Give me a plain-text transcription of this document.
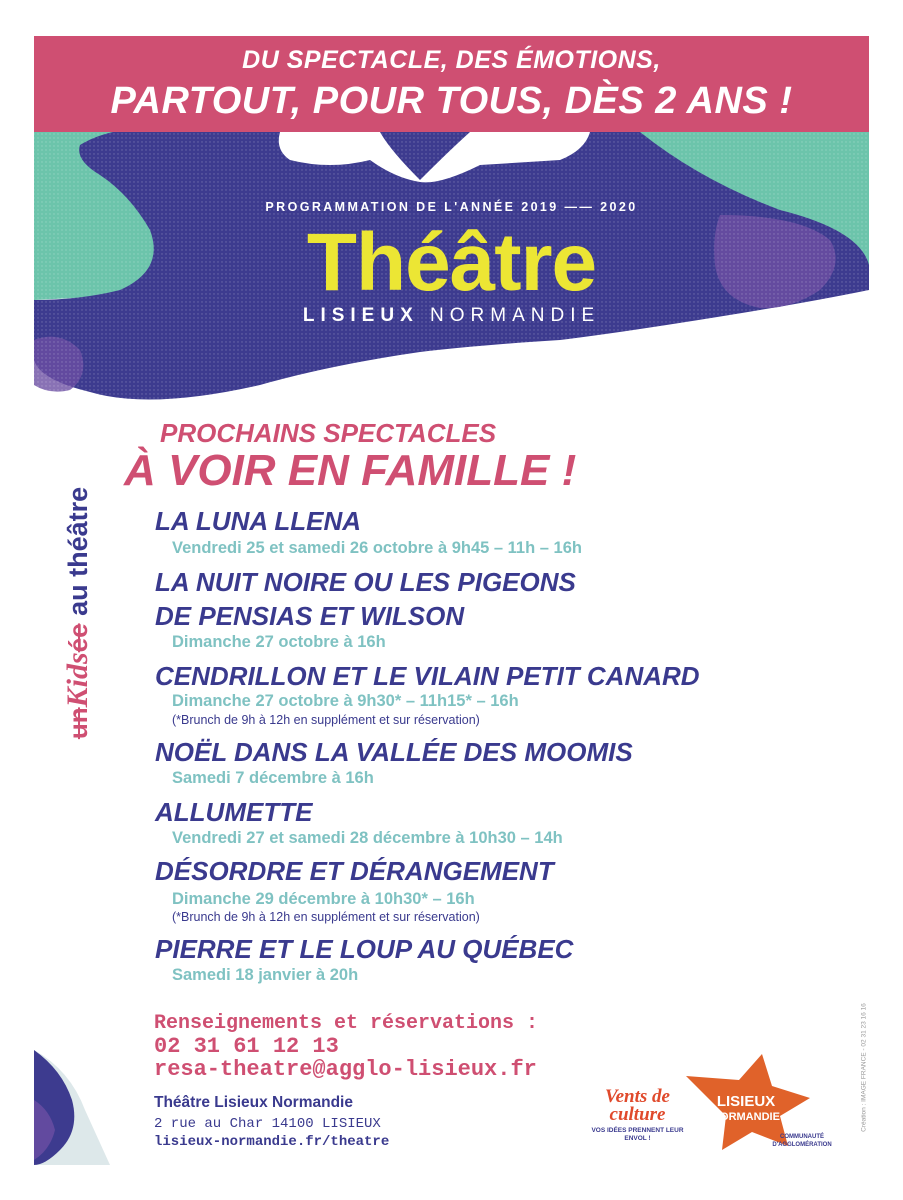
DU SPECTACLE, DES ÉMOTIONS,
PARTOUT, POUR TOUS, DÈS 2 ANS !
PROGRAMMATION DE L'ANNÉE 2019 —— 2020
Théâtre
LISIEUX NORMANDIE
unKidsée au théâtre
PROCHAINS SPECTACLES
À VOIR EN FAMILLE !
LA LUNA LLENA
Vendredi 25 et samedi 26 octobre à 9h45 – 11h – 16h
LA NUIT NOIRE OU LES PIGEONS
DE PENSIAS ET WILSON
Dimanche 27 octobre à 16h
CENDRILLON ET LE VILAIN PETIT CANARD
Dimanche 27 octobre à 9h30* – 11h15* – 16h
(*Brunch de 9h à 12h en supplément et sur réservation)
NOËL DANS LA VALLÉE DES MOOMIS
Samedi 7 décembre à 16h
ALLUMETTE
Vendredi 27 et samedi 28 décembre à 10h30 – 14h
DÉSORDRE ET DÉRANGEMENT
Dimanche 29 décembre à 10h30* – 16h
(*Brunch de 9h à 12h en supplément et sur réservation)
PIERRE ET LE LOUP AU QUÉBEC
Samedi 18 janvier à 20h
Renseignements et réservations :
02 31 61 12 13
resa-theatre@agglo-lisieux.fr
Théâtre Lisieux Normandie
2 rue au Char 14100 LISIEUX
lisieux-normandie.fr/theatre
Vents de
culture
VOS IDÉES PRENNENT LEUR ENVOL !
LISIEUX
NORMANDIE
COMMUNAUTÉ
D'AGGLOMÉRATION
Création : IMAGE FRANCE - 02 31 23 16 16
